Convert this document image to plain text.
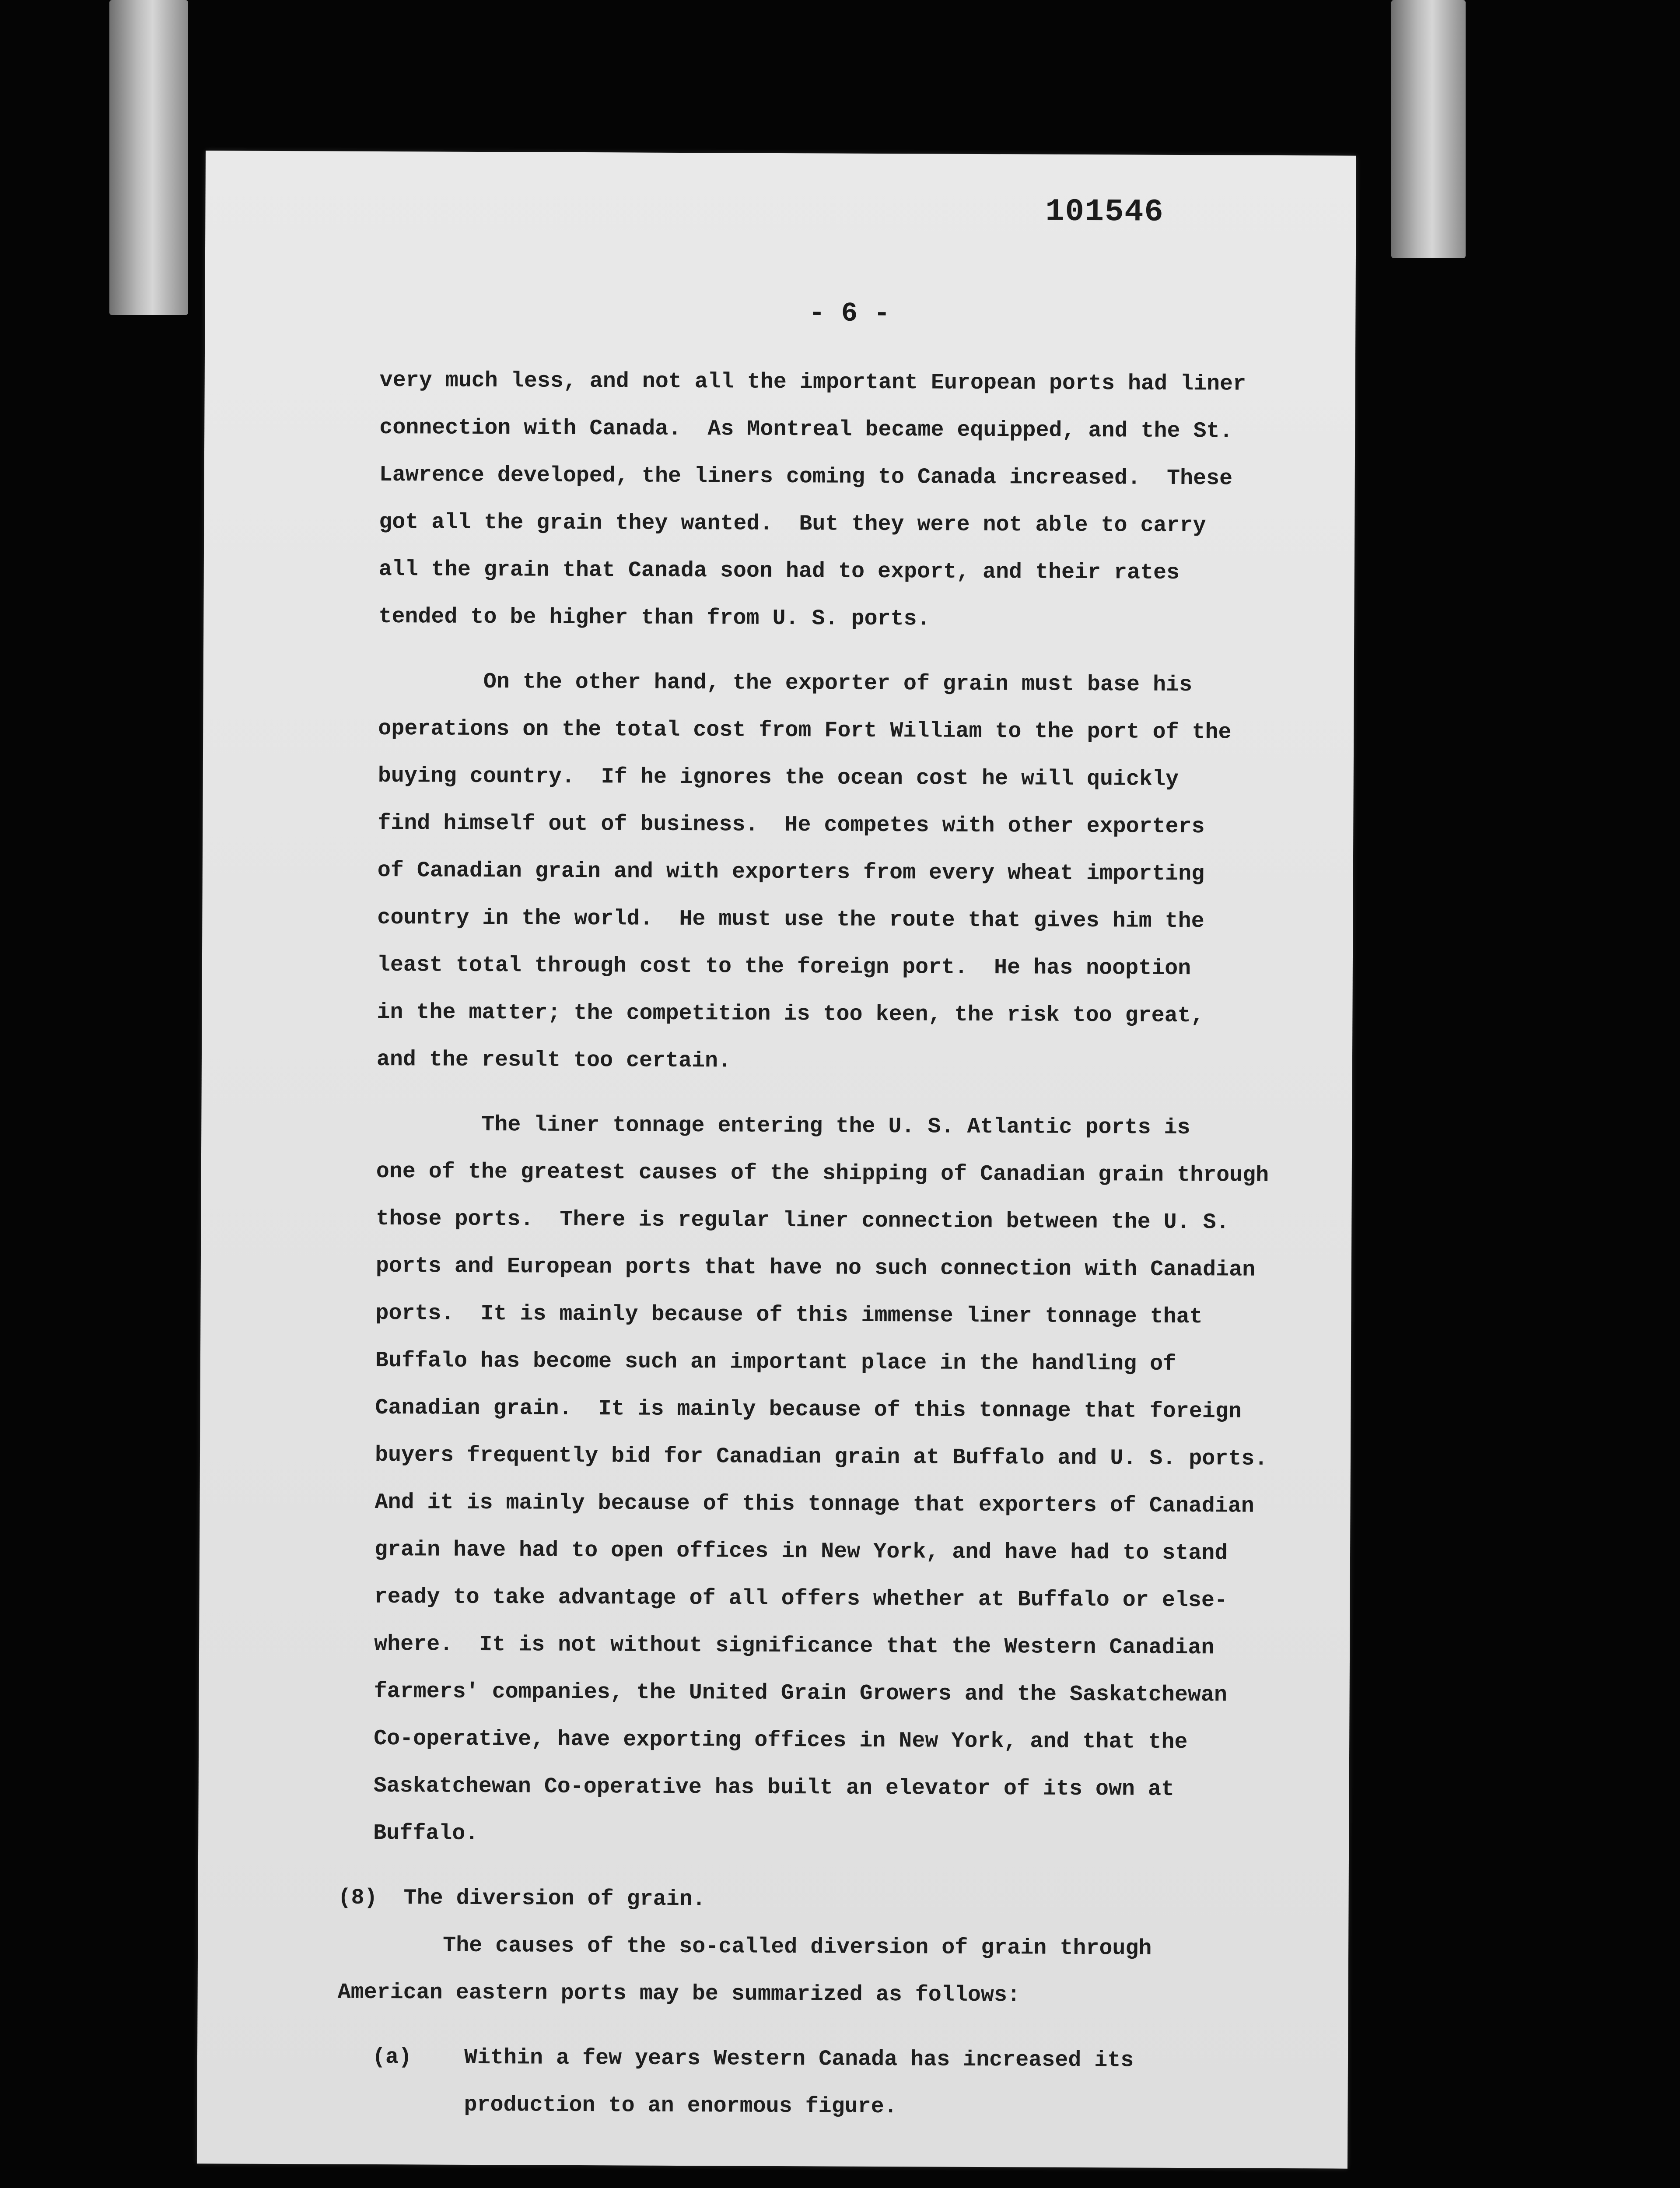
101546
- 6 -
very much less, and not all the important European ports had liner
connection with Canada.  As Montreal became equipped, and the St.
Lawrence developed, the liners coming to Canada increased.  These
got all the grain they wanted.  But they were not able to carry
all the grain that Canada soon had to export, and their rates
tended to be higher than from U. S. ports.
On the other hand, the exporter of grain must base his
operations on the total cost from Fort William to the port of the
buying country.  If he ignores the ocean cost he will quickly
find himself out of business.  He competes with other exporters
of Canadian grain and with exporters from every wheat importing
country in the world.  He must use the route that gives him the
least total through cost to the foreign port.  He has nooption
in the matter; the competition is too keen, the risk too great,
and the result too certain.
The liner tonnage entering the U. S. Atlantic ports is
one of the greatest causes of the shipping of Canadian grain through
those ports.  There is regular liner connection between the U. S.
ports and European ports that have no such connection with Canadian
ports.  It is mainly because of this immense liner tonnage that
Buffalo has become such an important place in the handling of
Canadian grain.  It is mainly because of this tonnage that foreign
buyers frequently bid for Canadian grain at Buffalo and U. S. ports.
And it is mainly because of this tonnage that exporters of Canadian
grain have had to open offices in New York, and have had to stand
ready to take advantage of all offers whether at Buffalo or else-
where.  It is not without significance that the Western Canadian
farmers' companies, the United Grain Growers and the Saskatchewan
Co-operative, have exporting offices in New York, and that the
Saskatchewan Co-operative has built an elevator of its own at
Buffalo.
(8)  The diversion of grain.
The causes of the so-called diversion of grain through
American eastern ports may be summarized as follows:
(a)    Within a few years Western Canada has increased its
production to an enormous figure.
